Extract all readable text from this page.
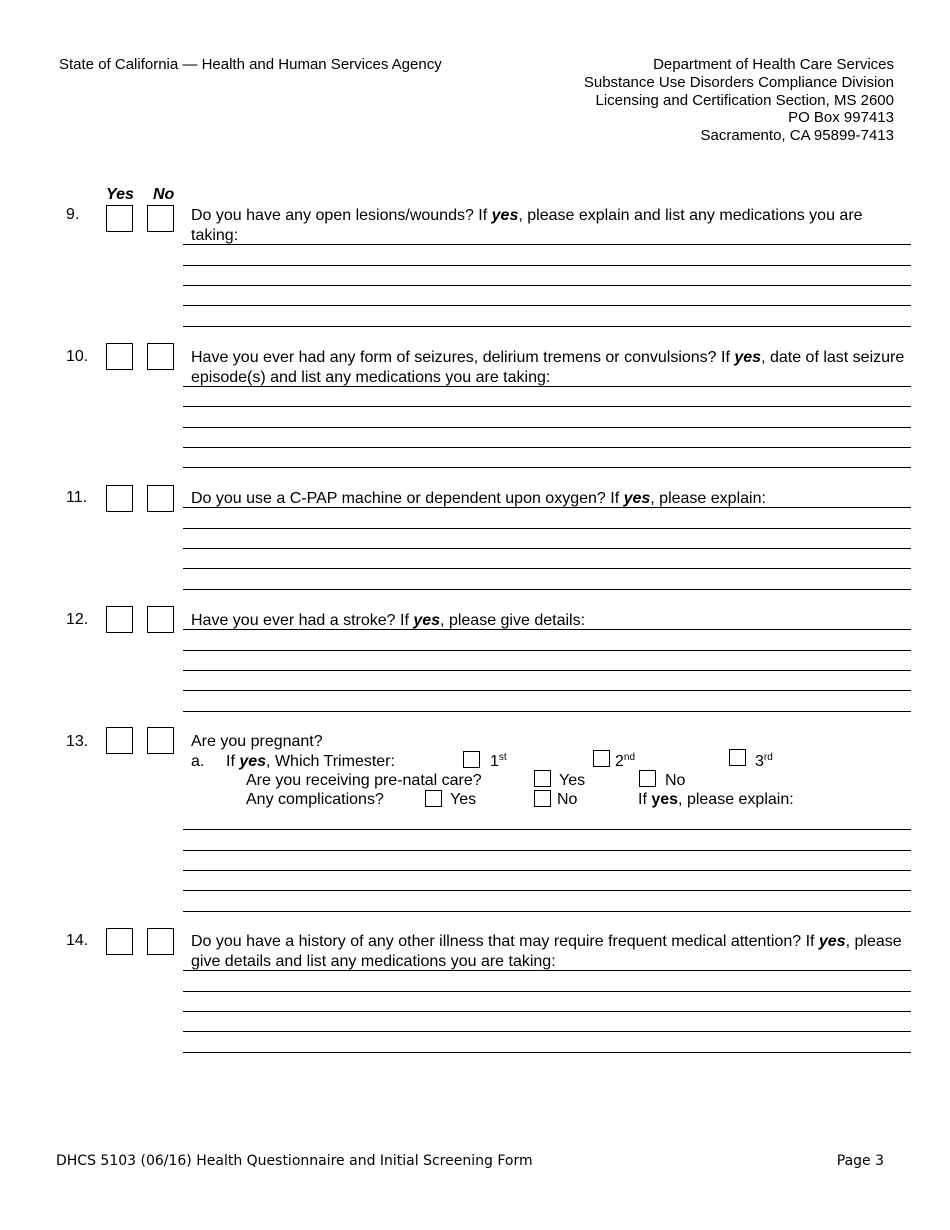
State of California — Health and Human Services Agency	Department of Health Care Services
Substance Use Disorders Compliance Division
Licensing and Certification Section, MS 2600
PO Box 997413
Sacramento, CA 95899-7413
Yes No
9.	Do you have any open lesions/wounds? If yes, please explain and list any medications you are taking:
10.	Have you ever had any form of seizures, delirium tremens or convulsions? If yes, date of last seizure episode(s) and list any medications you are taking:
11.	Do you use a C-PAP machine or dependent upon oxygen? If yes, please explain:
12.	Have you ever had a stroke? If yes, please give details:
13.	Are you pregnant?
a. If yes, Which Trimester:	1st	2nd	3rd
Are you receiving pre-natal care?	Yes	No
Any complications?	Yes	No	If yes, please explain:
14.	Do you have a history of any other illness that may require frequent medical attention? If yes, please give details and list any medications you are taking:
DHCS 5103 (06/16) Health Questionnaire and Initial Screening Form	Page 3
